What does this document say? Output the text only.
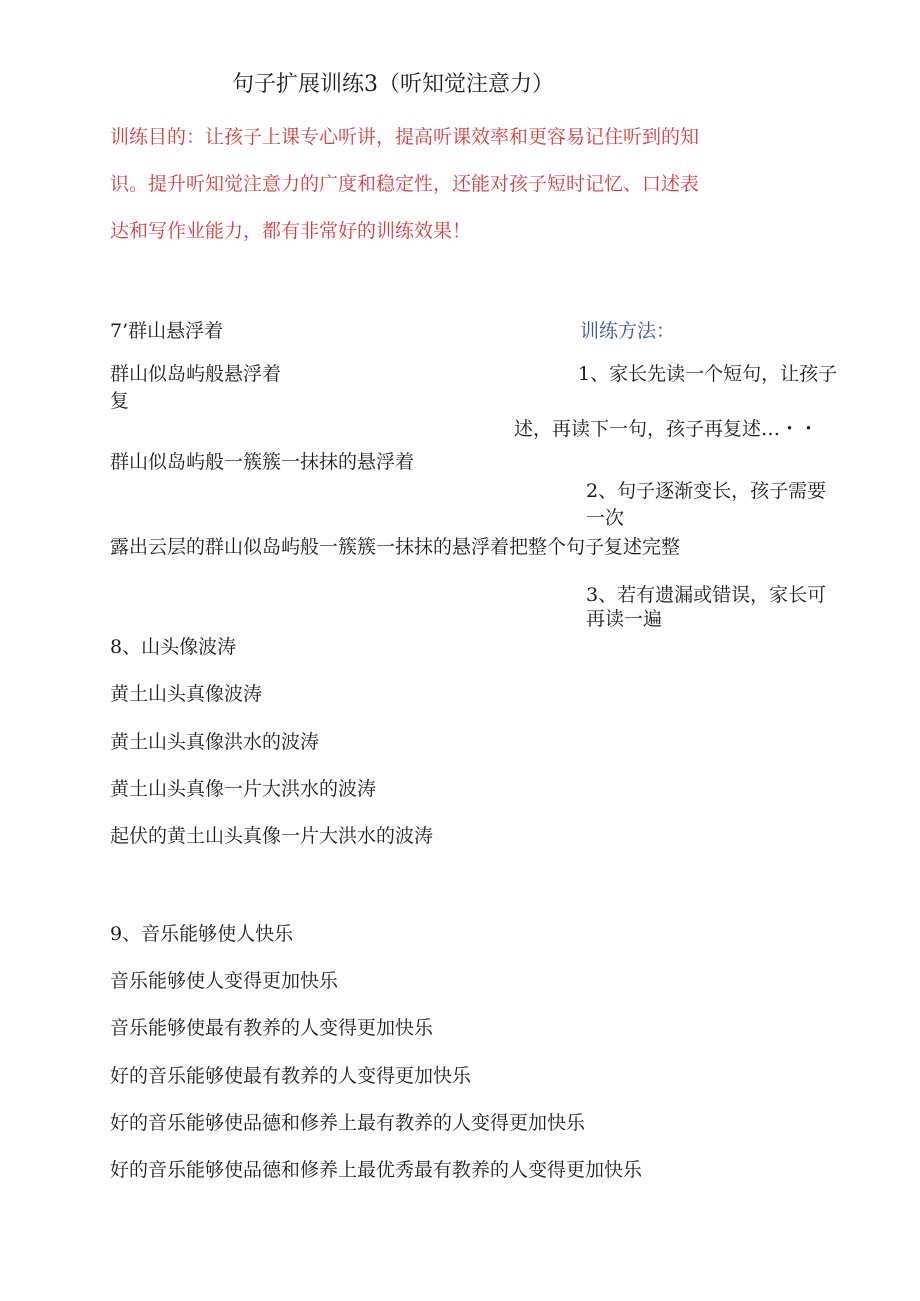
句子扩展训练3（听知觉注意力）
训练目的：让孩子上课专心听讲，提高听课效率和更容易记住听到的知
识。提升听知觉注意力的广度和稳定性，还能对孩子短时记忆、口述表
达和写作业能力，都有非常好的训练效果！
训练方法：
7’群山悬浮着
群山似岛屿般悬浮着	1、家长先读一个短句，让孩子
复
述，再读下一句，孩子再复述…・・
群山似岛屿般一簇簇一抹抹的悬浮着
2、句子逐渐变长，孩子需要
一次
露出云层的群山似岛屿般一簇簇一抹抹的悬浮着把整个句子复述完整
3、若有遗漏或错误，家长可
再读一遍
8、山头像波涛
黄土山头真像波涛
黄土山头真像洪水的波涛
黄土山头真像一片大洪水的波涛
起伏的黄土山头真像一片大洪水的波涛
9、音乐能够使人快乐
音乐能够使人变得更加快乐
音乐能够使最有教养的人变得更加快乐
好的音乐能够使最有教养的人变得更加快乐
好的音乐能够使品德和修养上最有教养的人变得更加快乐
好的音乐能够使品德和修养上最优秀最有教养的人变得更加快乐
